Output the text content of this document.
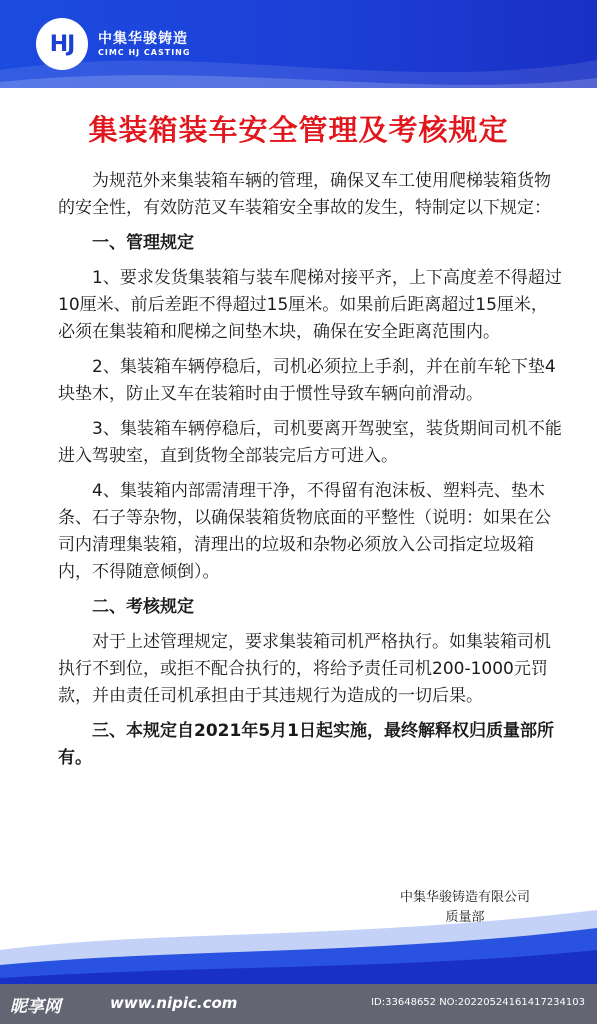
HJ 中集华骏铸造
CIMC HJ CASTING
集装箱装车安全管理及考核规定

为规范外来集装箱车辆的管理，确保叉车工使用爬梯装箱货物的安全性，有效防范叉车装箱安全事故的发生，特制定以下规定：

一、管理规定

1、要求发货集装箱与装车爬梯对接平齐，上下高度差不得超过10厘米、前后差距不得超过15厘米。如果前后距离超过15厘米，必须在集装箱和爬梯之间垫木块，确保在安全距离范围内。

2、集装箱车辆停稳后，司机必须拉上手刹，并在前车轮下垫4块垫木，防止叉车在装箱时由于惯性导致车辆向前滑动。

3、集装箱车辆停稳后，司机要离开驾驶室，装货期间司机不能进入驾驶室，直到货物全部装完后方可进入。

4、集装箱内部需清理干净，不得留有泡沫板、塑料壳、垫木条、石子等杂物，以确保装箱货物底面的平整性（说明：如果在公司内清理集装箱，清理出的垃圾和杂物必须放入公司指定垃圾箱内，不得随意倾倒）。

二、考核规定

对于上述管理规定，要求集装箱司机严格执行。如集装箱司机执行不到位，或拒不配合执行的，将给予责任司机200-1000元罚款，并由责任司机承担由于其违规行为造成的一切后果。

三、本规定自2021年5月1日起实施，最终解释权归质量部所有。

中集华骏铸造有限公司
质量部
昵享网	www.nipic.com	ID:33648652 NO:20220524161417234103
